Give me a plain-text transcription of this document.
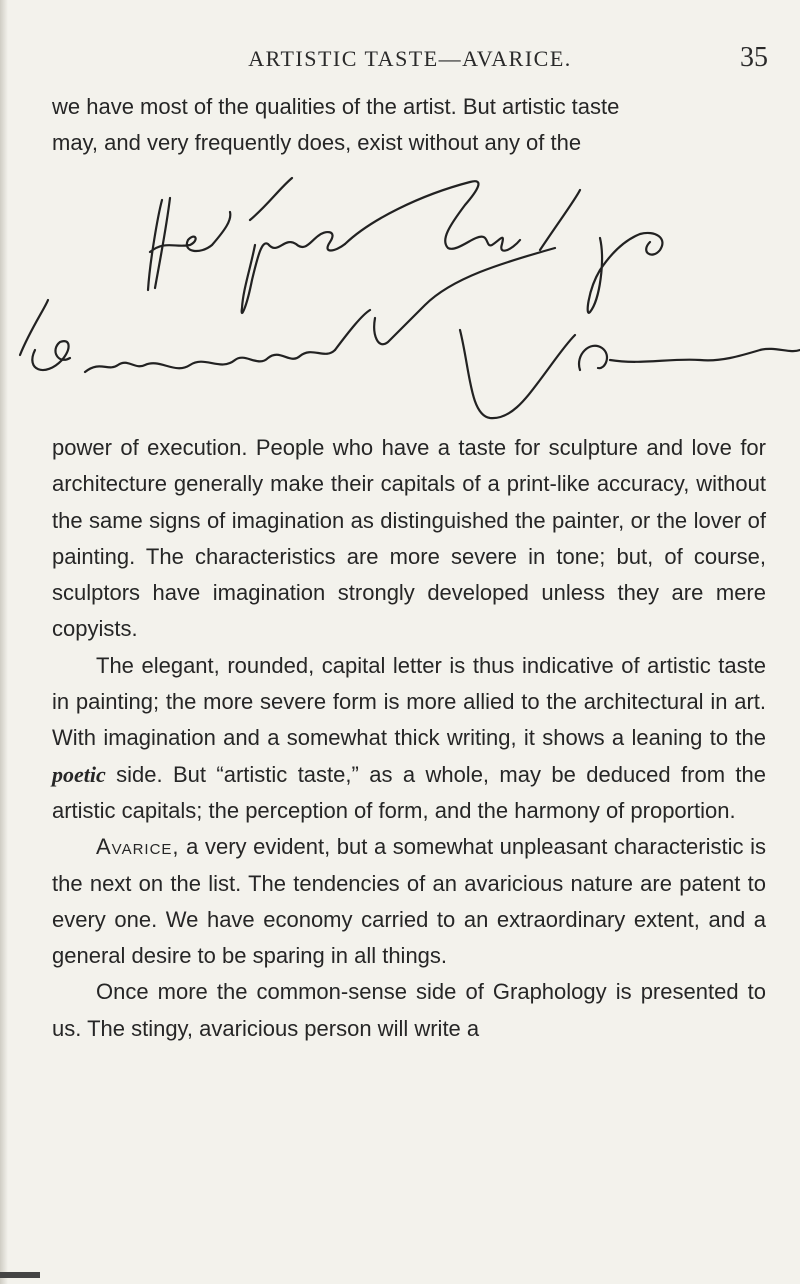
ARTISTIC TASTE—AVARICE.	35

we have most of the qualities of the artist. But artistic taste

may, and very frequently does, exist without any of the

power of execution. People who have a taste for sculpture and love for architecture generally make their capitals of a print-like accuracy, without the same signs of imagination as distinguished the painter, or the lover of painting. The characteristics are more severe in tone; but, of course, sculptors have imagination strongly developed unless they are mere copyists.

The elegant, rounded, capital letter is thus indicative of artistic taste in painting; the more severe form is more allied to the architectural in art. With imagination and a somewhat thick writing, it shows a leaning to the poetic side. But “artistic taste,” as a whole, may be deduced from the artistic capitals; the perception of form, and the harmony of proportion.

Avarice, a very evident, but a somewhat unpleasant characteristic is the next on the list. The tendencies of an avaricious nature are patent to every one. We have economy carried to an extraordinary extent, and a general desire to be sparing in all things.

Once more the common-sense side of Graphology is presented to us. The stingy, avaricious person will write a
